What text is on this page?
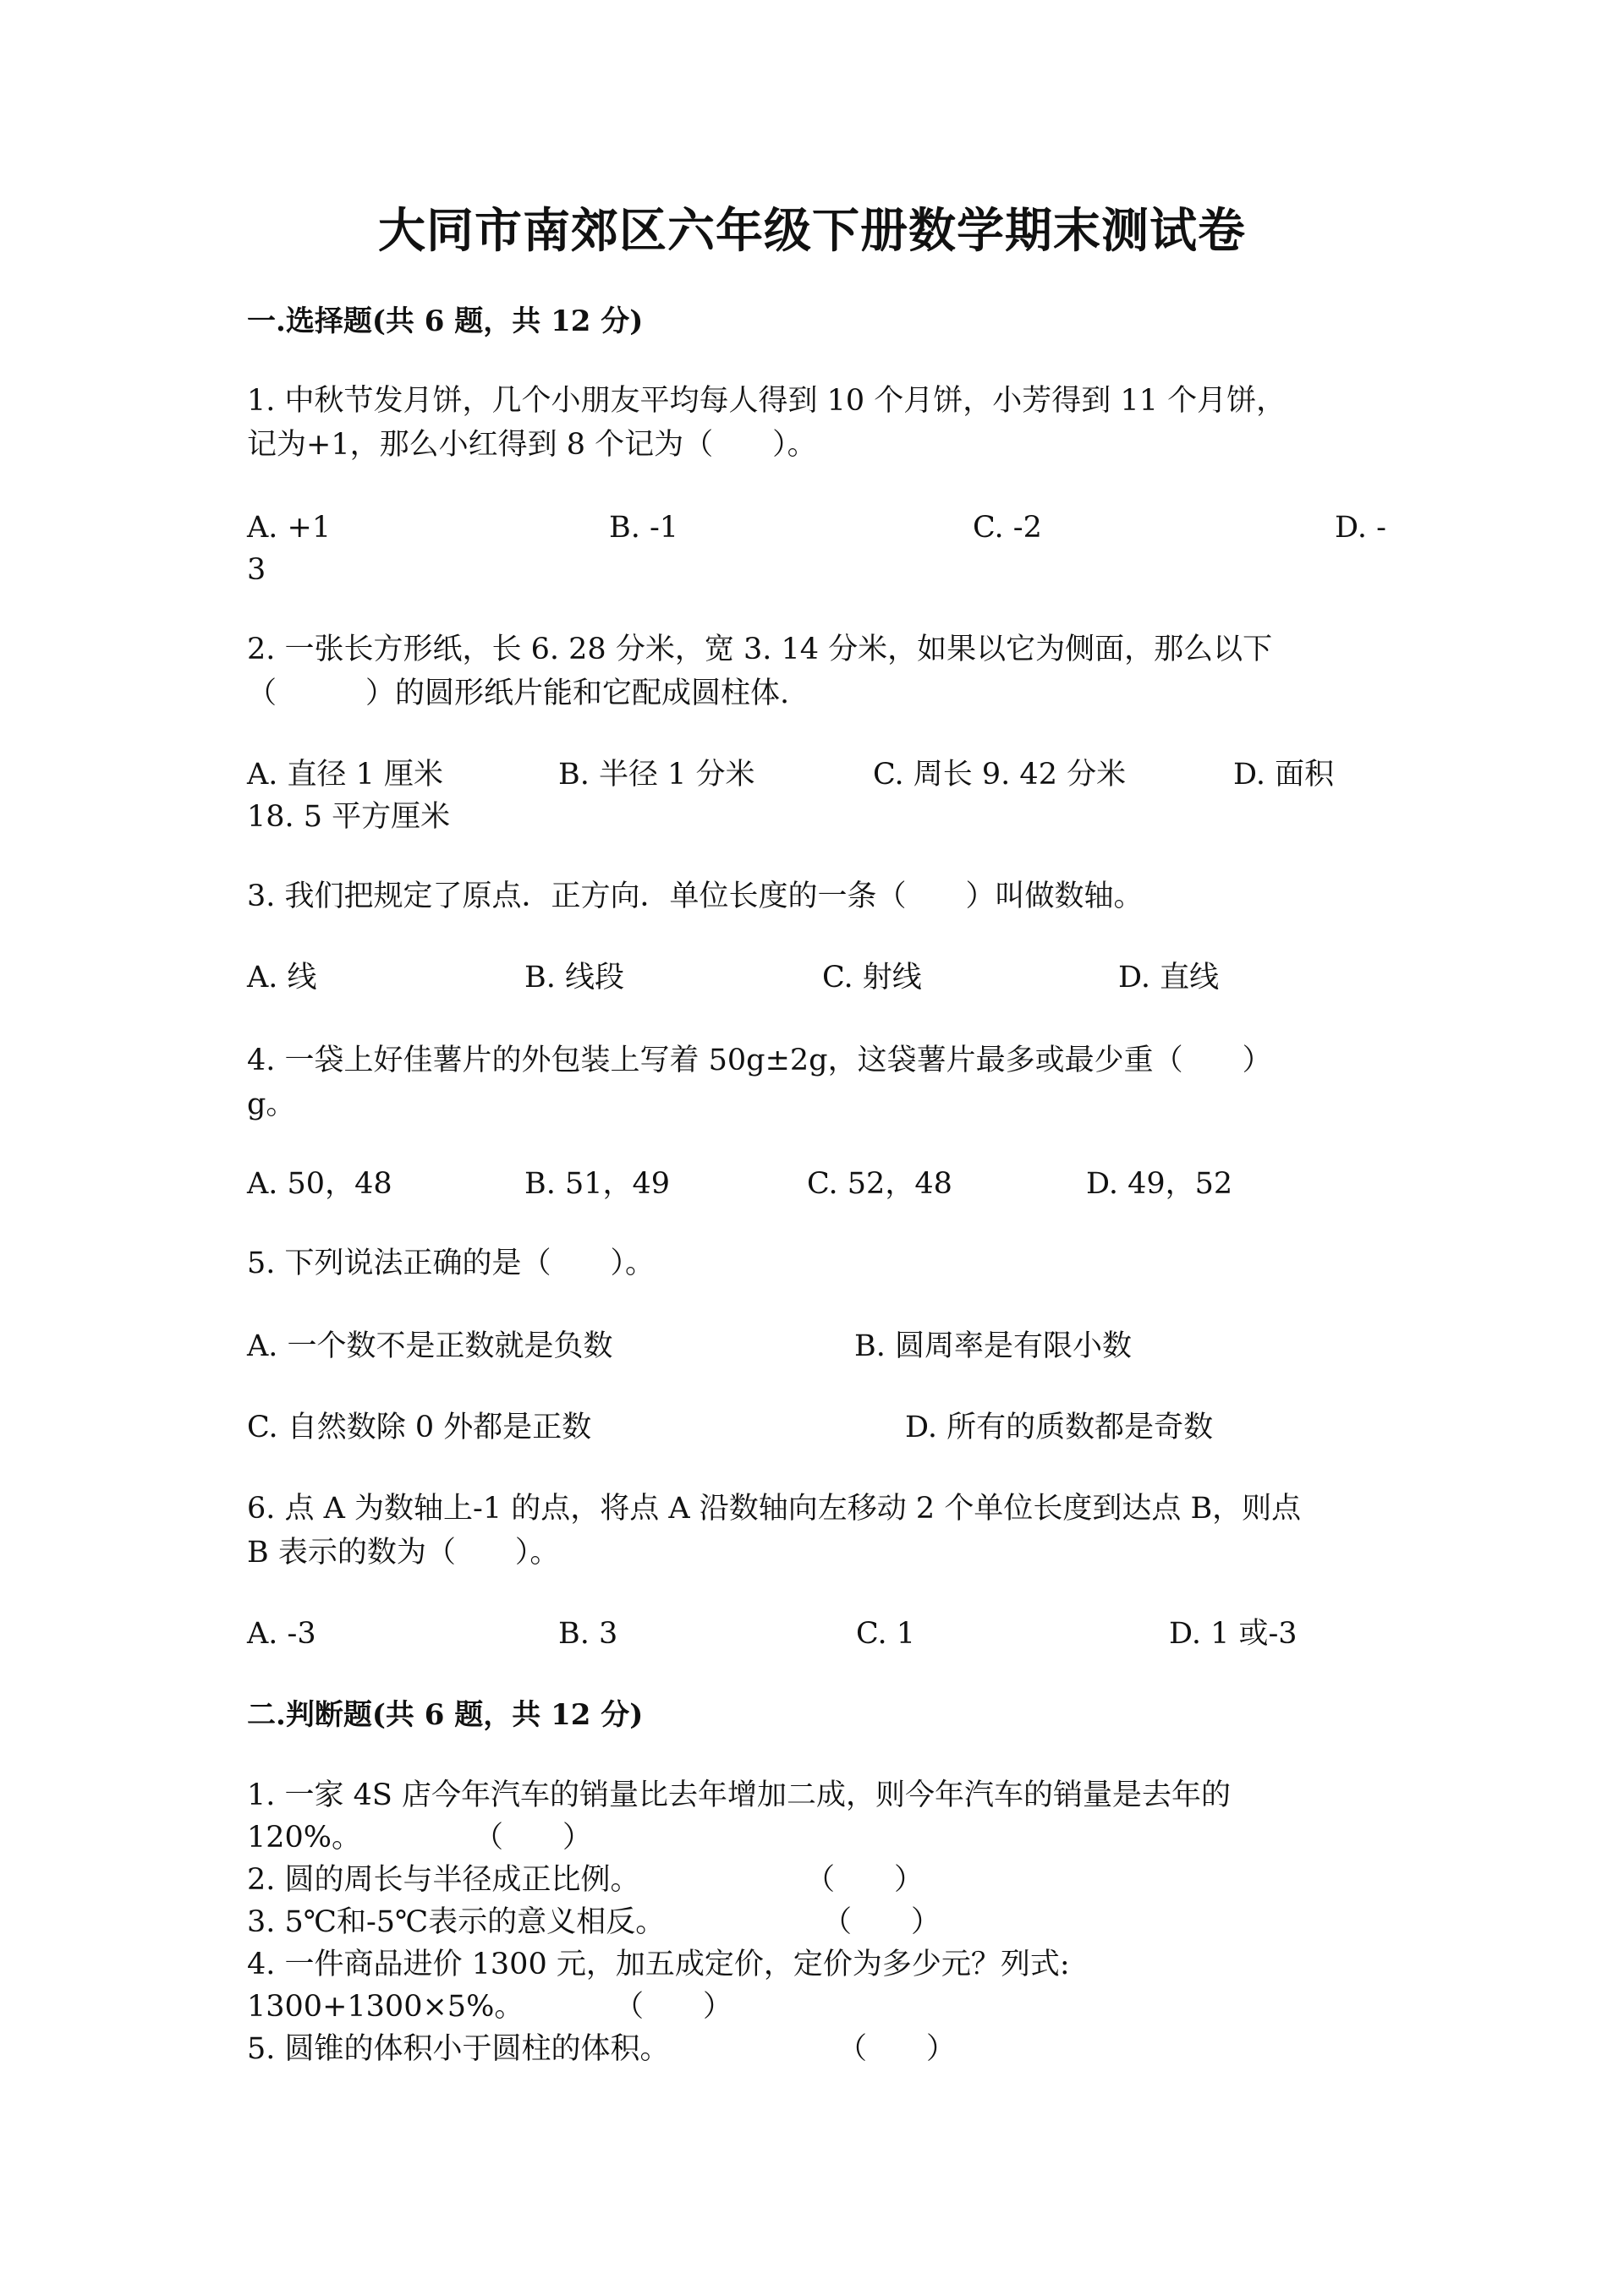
大同市南郊区六年级下册数学期末测试卷
一.选择题(共 6 题，共 12 分)
1. 中秋节发月饼，几个小朋友平均每人得到 10 个月饼，小芳得到 11 个月饼，
记为+1，那么小红得到 8 个记为（　　）。
A. +1	B. -1	C. -2	D. -
3
2. 一张长方形纸，长 6. 28 分米，宽 3. 14 分米，如果以它为侧面，那么以下
（　　　）的圆形纸片能和它配成圆柱体.
A. 直径 1 厘米	B. 半径 1 分米	C. 周长 9. 42 分米	D. 面积
18. 5 平方厘米
3. 我们把规定了原点．正方向．单位长度的一条（　　）叫做数轴。
A. 线	B. 线段	C. 射线	D. 直线
4. 一袋上好佳薯片的外包装上写着 50g±2g，这袋薯片最多或最少重（　　）
g。
A. 50，48	B. 51，49	C. 52，48	D. 49，52
5. 下列说法正确的是（　　）。
A. 一个数不是正数就是负数	B. 圆周率是有限小数
C. 自然数除 0 外都是正数	D. 所有的质数都是奇数
6. 点 A 为数轴上-1 的点，将点 A 沿数轴向左移动 2 个单位长度到达点 B，则点
B 表示的数为（　　）。
A. -3	B. 3	C. 1	D. 1 或-3
二.判断题(共 6 题，共 12 分)
1. 一家 4S 店今年汽车的销量比去年增加二成，则今年汽车的销量是去年的
120%。	（　　）
2. 圆的周长与半径成正比例。	（　　）
3. 5℃和-5℃表示的意义相反。	（　　）
4. 一件商品进价 1300 元，加五成定价，定价为多少元？列式:
1300+1300×5%。	（　　）
5. 圆锥的体积小于圆柱的体积。	（　　）
